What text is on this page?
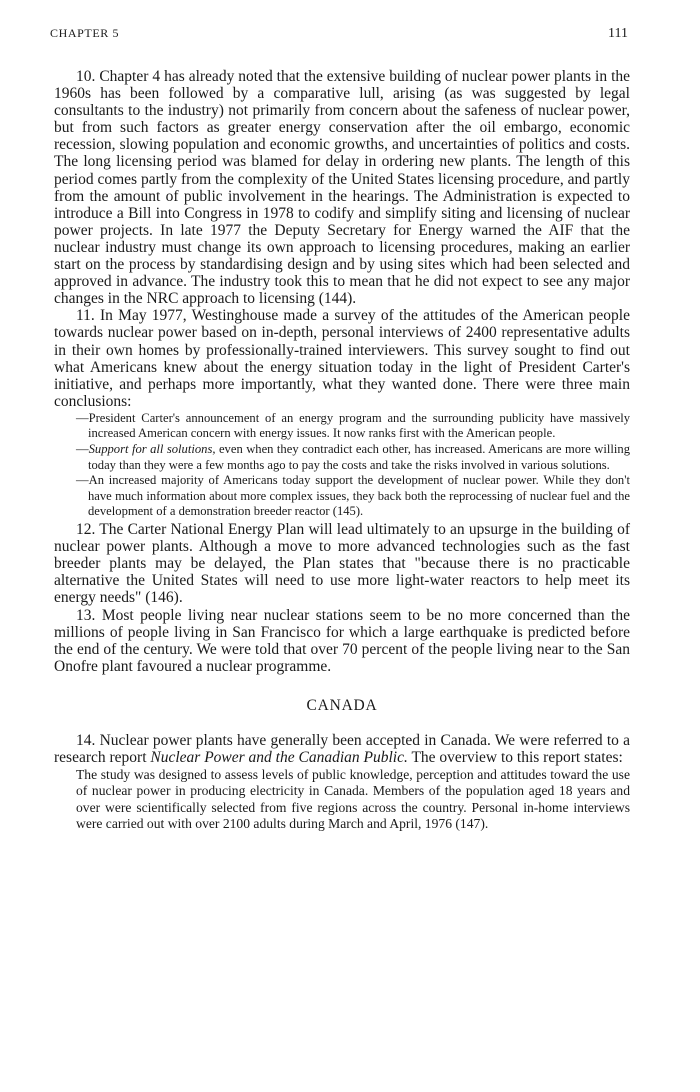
CHAPTER 5	111

10. Chapter 4 has already noted that the extensive building of nuclear power plants in the 1960s has been followed by a comparative lull, arising (as was suggested by legal consultants to the industry) not primarily from concern about the safeness of nuclear power, but from such factors as greater energy conservation after the oil embargo, economic recession, slowing population and economic growths, and uncertainties of politics and costs. The long licensing period was blamed for delay in ordering new plants. The length of this period comes partly from the complexity of the United States licensing procedure, and partly from the amount of public involvement in the hearings. The Administration is expected to introduce a Bill into Congress in 1978 to codify and simplify siting and licensing of nuclear power projects. In late 1977 the Deputy Secretary for Energy warned the AIF that the nuclear industry must change its own approach to licensing procedures, making an earlier start on the process by standardising design and by using sites which had been selected and approved in advance. The industry took this to mean that he did not expect to see any major changes in the NRC approach to licensing (144).

11. In May 1977, Westinghouse made a survey of the attitudes of the American people towards nuclear power based on in-depth, personal interviews of 2400 representative adults in their own homes by professionally-trained interviewers. This survey sought to find out what Americans knew about the energy situation today in the light of President Carter's initiative, and perhaps more importantly, what they wanted done. There were three main conclusions:

—President Carter's announcement of an energy program and the surrounding publicity have massively increased American concern with energy issues. It now ranks first with the American people.
—Support for all solutions, even when they contradict each other, has increased. Americans are more willing today than they were a few months ago to pay the costs and take the risks involved in various solutions.
—An increased majority of Americans today support the development of nuclear power. While they don't have much information about more complex issues, they back both the reprocessing of nuclear fuel and the development of a demonstration breeder reactor (145).

12. The Carter National Energy Plan will lead ultimately to an upsurge in the building of nuclear power plants. Although a move to more advanced technologies such as the fast breeder plants may be delayed, the Plan states that "because there is no practicable alternative the United States will need to use more light-water reactors to help meet its energy needs" (146).

13. Most people living near nuclear stations seem to be no more concerned than the millions of people living in San Francisco for which a large earthquake is predicted before the end of the century. We were told that over 70 percent of the people living near to the San Onofre plant favoured a nuclear programme.

CANADA

14. Nuclear power plants have generally been accepted in Canada. We were referred to a research report Nuclear Power and the Canadian Public. The overview to this report states:

The study was designed to assess levels of public knowledge, perception and attitudes toward the use of nuclear power in producing electricity in Canada. Members of the population aged 18 years and over were scientifically selected from five regions across the country. Personal in-home interviews were carried out with over 2100 adults during March and April, 1976 (147).
